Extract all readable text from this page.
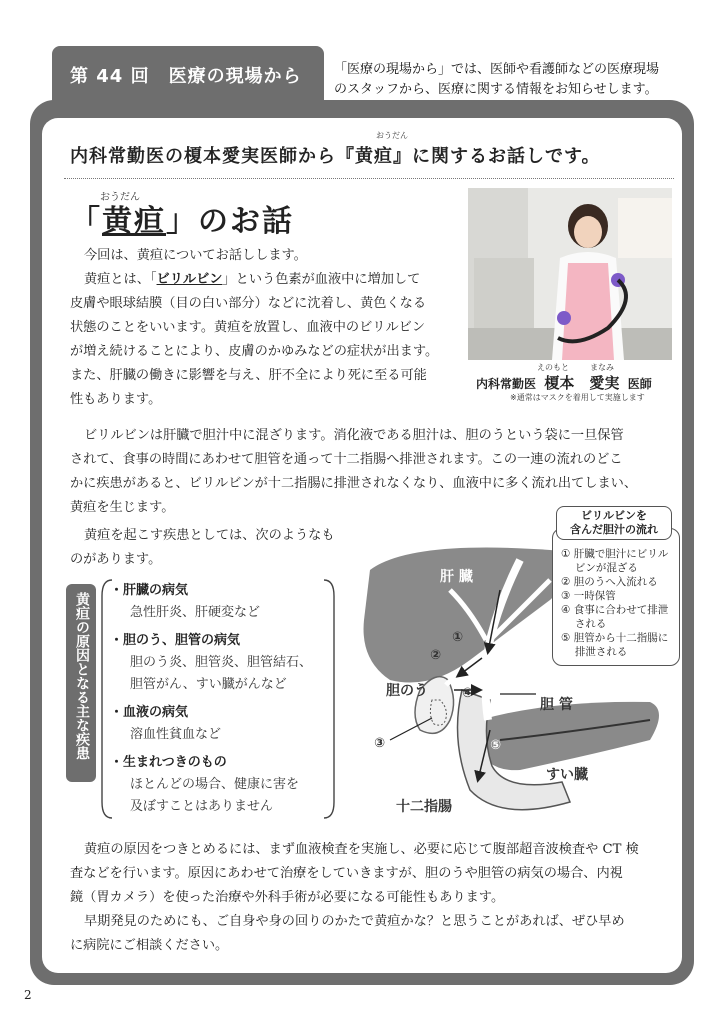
第 44 回　医療の現場から 「医療の現場から」では、医師や看護師などの医療現場
のスタッフから、医療に関する情報をお知らせします。
おうだん
内科常勤医の榎本愛実医師から『黄疸』に関するお話しです。
おうだん
「黄疸」のお話
今回は、黄疸についてお話しします。
黄疸とは、「ビリルビン」という色素が血液中に増加して
皮膚や眼球結膜（目の白い部分）などに沈着し、黄色くなる
状態のことをいいます。黄疸を放置し、血液中のビリルビン
が増え続けることにより、皮膚のかゆみなどの症状が出ます。
また、肝臓の働きに影響を与え、肝不全により死に至る可能
性もあります。
えのもと	まなみ
内科常勤医 榎本　愛実 医師
※通常はマスクを着用して実施します
ビリルビンは肝臓で胆汁中に混ざります。消化液である胆汁は、胆のうという袋に一旦保管
されて、食事の時間にあわせて胆管を通って十二指腸へ排泄されます。この一連の流れのどこ
かに疾患があると、ビリルビンが十二指腸に排泄されなくなり、血液中に多く流れ出てしまい、
黄疸を生じます。
黄疸を起こす疾患としては、次のようなも
のがあります。
黄疸の原因となる主な疾患
・肝臓の病気
急性肝炎、肝硬変など
・胆のう、胆管の病気
胆のう炎、胆管炎、胆管結石、
胆管がん、すい臓がんなど
・血液の病気
溶血性貧血など
・生まれつきのもの
ほとんどの場合、健康に害を
及ぼすことはありません
肝 臓
胆のう
胆 管
すい臓
十二指腸
①
②
③
④
⑤
① 肝臓で胆汁にビリル
　 ビンが混ざる
② 胆のうへ入流れる
③ 一時保管
④ 食事に合わせて排泄
　 される
⑤ 胆管から十二指腸に
　 排泄される
ビリルビンを
含んだ胆汁の流れ
黄疸の原因をつきとめるには、まず血液検査を実施し、必要に応じて腹部超音波検査や CT 検
査などを行います。原因にあわせて治療をしていきますが、胆のうや胆管の病気の場合、内視
鏡（胃カメラ）を使った治療や外科手術が必要になる可能性もあります。
早期発見のためにも、ご自身や身の回りのかたで黄疸かな？と思うことがあれば、ぜひ早め
に病院にご相談ください。
2
